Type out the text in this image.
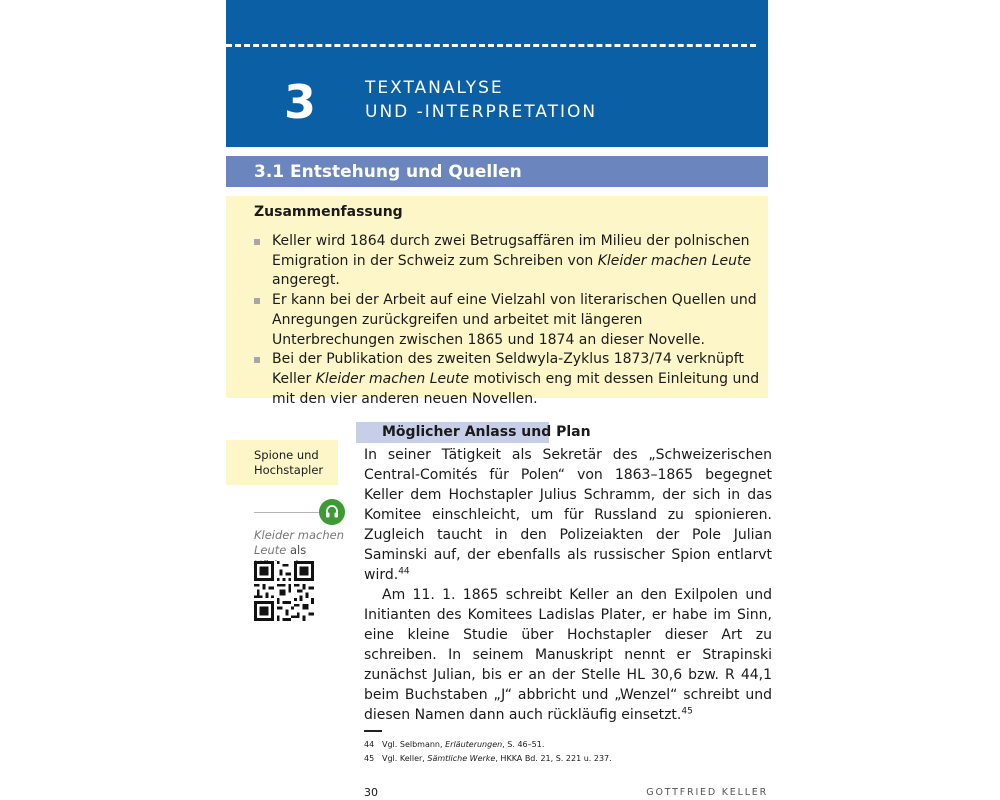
3	TEXTANALYSE
UND -INTERPRETATION
3.1 Entstehung und Quellen
Zusammenfassung
Keller wird 1864 durch zwei Betrugsaffären im Milieu der polnischen Emigration in der Schweiz zum Schreiben von Kleider machen Leute angeregt.
Er kann bei der Arbeit auf eine Vielzahl von literarischen Quellen und Anregungen zurückgreifen und arbeitet mit längeren Unterbrechungen zwischen 1865 und 1874 an dieser Novelle.
Bei der Publikation des zweiten Seldwyla-Zyklus 1873/74 verknüpft Keller Kleider machen Leute motivisch eng mit dessen Einleitung und mit den vier anderen neuen Novellen.
Spione und
Hochstapler
Kleider machen Leute als
Möglicher Anlass und Plan

In seiner Tätigkeit als Sekretär des „Schweizerischen Central-Comités für Polen“ von 1863–1865 begegnet Keller dem Hochstapler Julius Schramm, der sich in das Komitee einschleicht, um für Russland zu spionieren. Zugleich taucht in den Polizeiakten der Pole Julian Saminski auf, der ebenfalls als russischer Spion entlarvt wird.$^{44}$

Am 11. 1. 1865 schreibt Keller an den Exilpolen und Initianten des Komitees Ladislas Plater, er habe im Sinn, eine kleine Studie über Hochstapler dieser Art zu schreiben. In seinem Manuskript nennt er Strapinski zunächst Julian, bis er an der Stelle HL 30,6 bzw. R 44,1 beim Buchstaben „J“ abbricht und „Wenzel“ schreibt und diesen Namen dann auch rückläufig einsetzt.$^{45}$

44 Vgl. Selbmann, Erläuterungen, S. 46–51.
45 Vgl. Keller, Sämtliche Werke, HKKA Bd. 21, S. 221 u. 237.
30	GOTTFRIED KELLER
